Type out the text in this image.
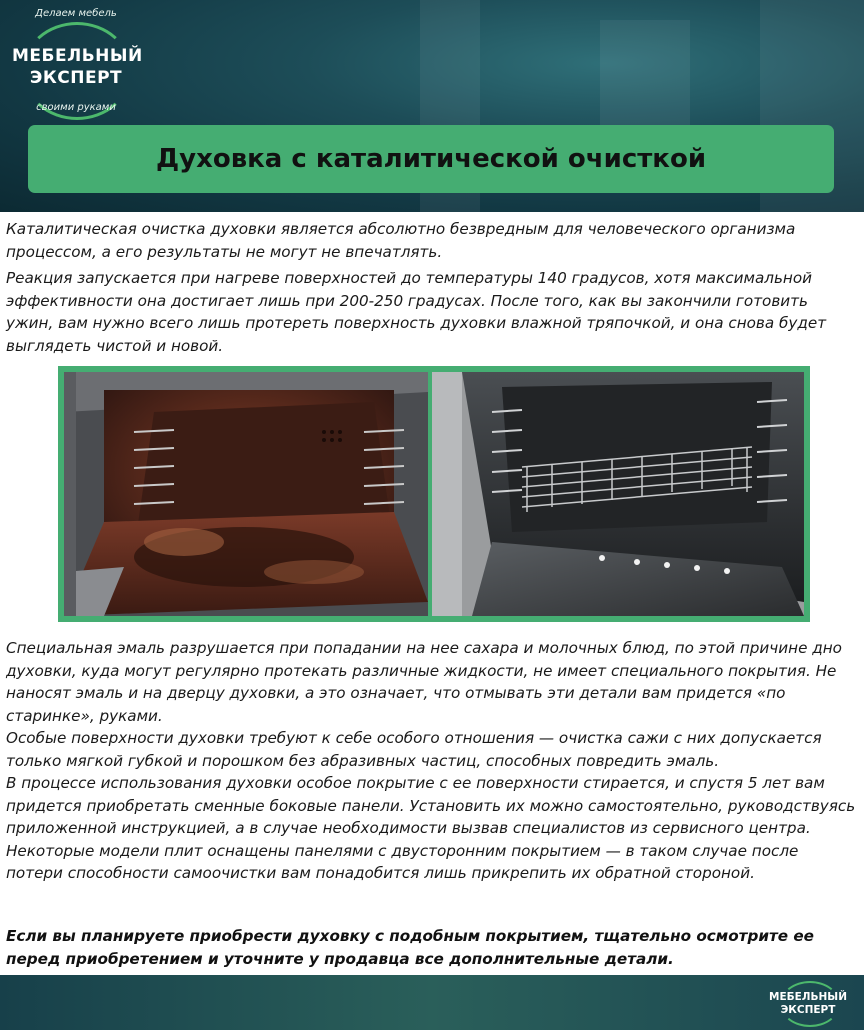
Делаем мебель
МЕБЕЛЬНЫЙ
ЭКСПЕРТ
своими руками
Духовка с каталитической очисткой

Каталитическая очистка духовки является абсолютно безвредным для человеческого организма процессом, а его результаты не могут не впечатлять.

Реакция запускается при нагреве поверхностей до температуры 140 градусов, хотя максимальной эффективности она достигает лишь при 200-250 градусах. После того, как вы закончили готовить ужин, вам нужно всего лишь протереть поверхность духовки влажной тряпочкой, и она снова будет выглядеть чистой и новой.

Специальная эмаль разрушается при попадании на нее сахара и молочных блюд, по этой причине дно духовки, куда могут регулярно протекать различные жидкости, не имеет специального покрытия. Не наносят эмаль и на дверцу духовки, а это означает, что отмывать эти детали вам придется «по старинке», руками.

Особые поверхности духовки требуют к себе особого отношения — очистка сажи с них допускается только мягкой губкой и порошком без абразивных частиц, способных повредить эмаль.

В процессе использования духовки особое покрытие с ее поверхности стирается, и спустя 5 лет вам придется приобретать сменные боковые панели. Установить их можно самостоятельно, руководствуясь приложенной инструкцией, а в случае необходимости вызвав специалистов из сервисного центра.

Некоторые модели плит оснащены панелями с двусторонним покрытием — в таком случае после потери способности самоочистки вам понадобится лишь прикрепить их обратной стороной.

Если вы планируете приобрести духовку с подобным покрытием, тщательно осмотрите ее перед приобретением и уточните у продавца все дополнительные детали.
МЕБЕЛЬНЫЙ
ЭКСПЕРТ
